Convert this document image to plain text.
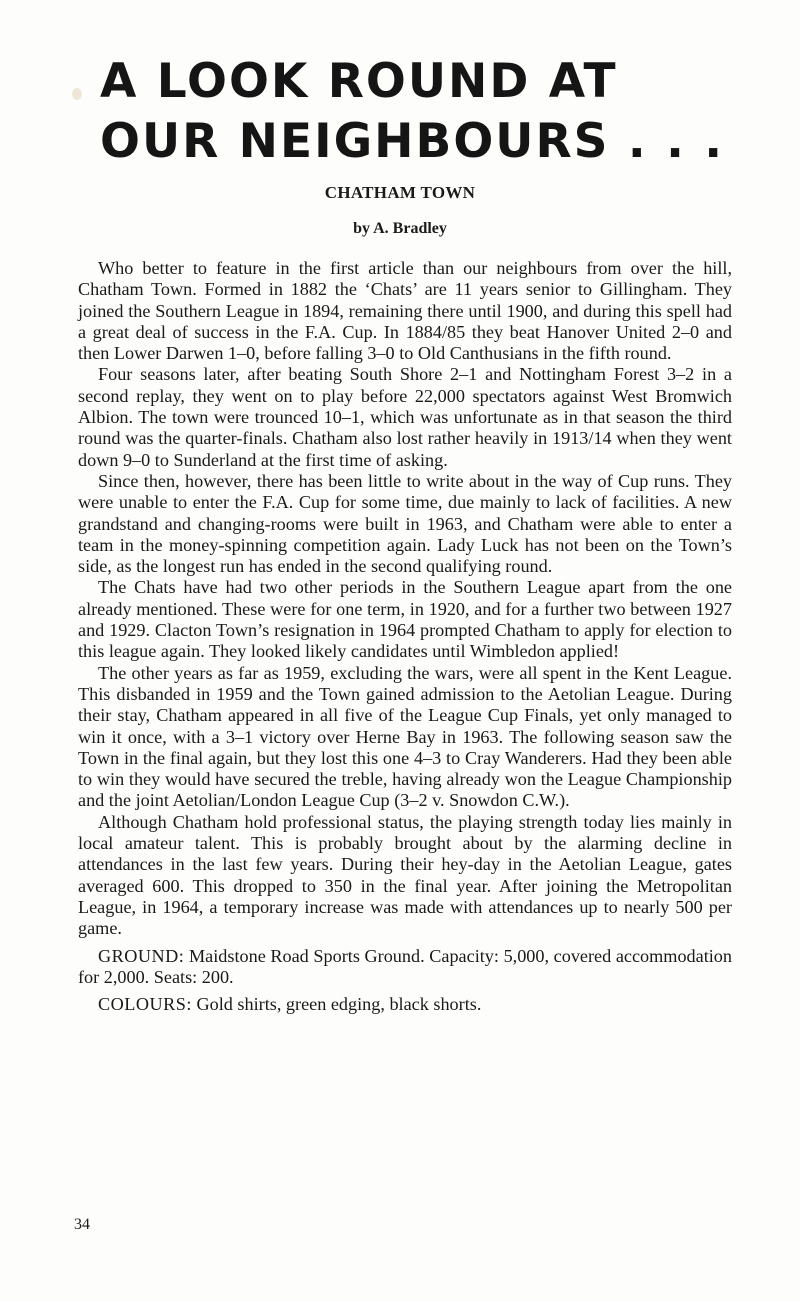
A LOOK ROUND AT
OUR NEIGHBOURS . . .
CHATHAM TOWN
by A. Bradley

Who better to feature in the first article than our neighbours from over the hill, Chatham Town. Formed in 1882 the ‘Chats’ are 11 years senior to Gillingham. They joined the Southern League in 1894, remaining there until 1900, and during this spell had a great deal of success in the F.A. Cup. In 1884/85 they beat Hanover United 2–0 and then Lower Darwen 1–0, before falling 3–0 to Old Canthusians in the fifth round.

Four seasons later, after beating South Shore 2–1 and Nottingham Forest 3–2 in a second replay, they went on to play before 22,000 spectators against West Bromwich Albion. The town were trounced 10–1, which was unfortunate as in that season the third round was the quarter-finals. Chatham also lost rather heavily in 1913/14 when they went down 9–0 to Sunderland at the first time of asking.

Since then, however, there has been little to write about in the way of Cup runs. They were unable to enter the F.A. Cup for some time, due mainly to lack of facilities. A new grandstand and changing-rooms were built in 1963, and Chatham were able to enter a team in the money-spinning competition again. Lady Luck has not been on the Town’s side, as the longest run has ended in the second qualifying round.

The Chats have had two other periods in the Southern League apart from the one already mentioned. These were for one term, in 1920, and for a further two between 1927 and 1929. Clacton Town’s resignation in 1964 prompted Chatham to apply for election to this league again. They looked likely candidates until Wimbledon applied!

The other years as far as 1959, excluding the wars, were all spent in the Kent League. This disbanded in 1959 and the Town gained admission to the Aetolian League. During their stay, Chatham appeared in all five of the League Cup Finals, yet only managed to win it once, with a 3–1 victory over Herne Bay in 1963. The following season saw the Town in the final again, but they lost this one 4–3 to Cray Wanderers. Had they been able to win they would have secured the treble, having already won the League Championship and the joint Aetolian/London League Cup (3–2 v. Snowdon C.W.).

Although Chatham hold professional status, the playing strength today lies mainly in local amateur talent. This is probably brought about by the alarming decline in attendances in the last few years. During their hey-day in the Aetolian League, gates averaged 600. This dropped to 350 in the final year. After joining the Metropolitan League, in 1964, a temporary increase was made with attendances up to nearly 500 per game.

GROUND: Maidstone Road Sports Ground. Capacity: 5,000, covered accommodation for 2,000. Seats: 200.

COLOURS: Gold shirts, green edging, black shorts.

34
